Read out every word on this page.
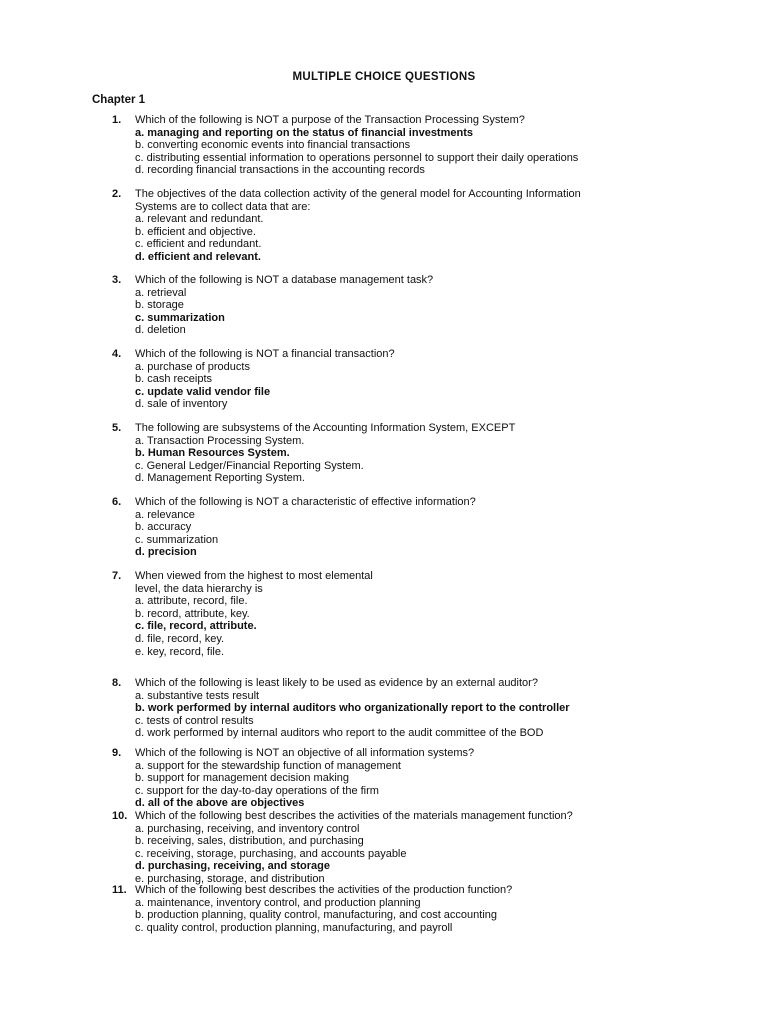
MULTIPLE CHOICE QUESTIONS
Chapter 1
1.	Which of the following is NOT a purpose of the Transaction Processing System?
a. managing and reporting on the status of financial investments
b. converting economic events into financial transactions
c. distributing essential information to operations personnel to support their daily operations
d. recording financial transactions in the accounting records
2.	The objectives of the data collection activity of the general model for Accounting Information
Systems are to collect data that are:
a. relevant and redundant.
b. efficient and objective.
c. efficient and redundant.
d. efficient and relevant.
3.	Which of the following is NOT a database management task?
a. retrieval
b. storage
c. summarization
d. deletion
4.	Which of the following is NOT a financial transaction?
a. purchase of products
b. cash receipts
c. update valid vendor file
d. sale of inventory
5.	The following are subsystems of the Accounting Information System, EXCEPT
a. Transaction Processing System.
b. Human Resources System.
c. General Ledger/Financial Reporting System.
d. Management Reporting System.
6.	Which of the following is NOT a characteristic of effective information?
a. relevance
b. accuracy
c. summarization
d. precision
7.	When viewed from the highest to most elemental
level, the data hierarchy is
a. attribute, record, file.
b. record, attribute, key.
c. file, record, attribute.
d. file, record, key.
e. key, record, file.
8.	Which of the following is least likely to be used as evidence by an external auditor?
a. substantive tests result
b. work performed by internal auditors who organizationally report to the controller
c. tests of control results
d. work performed by internal auditors who report to the audit committee of the BOD
9.	Which of the following is NOT an objective of all information systems?
a. support for the stewardship function of management
b. support for management decision making
c. support for the day-to-day operations of the firm
d. all of the above are objectives
10. Which of the following best describes the activities of the materials management function?
a. purchasing, receiving, and inventory control
b. receiving, sales, distribution, and purchasing
c. receiving, storage, purchasing, and accounts payable
d. purchasing, receiving, and storage
e. purchasing, storage, and distribution
11. Which of the following best describes the activities of the production function?
a. maintenance, inventory control, and production planning
b. production planning, quality control, manufacturing, and cost accounting
c. quality control, production planning, manufacturing, and payroll
